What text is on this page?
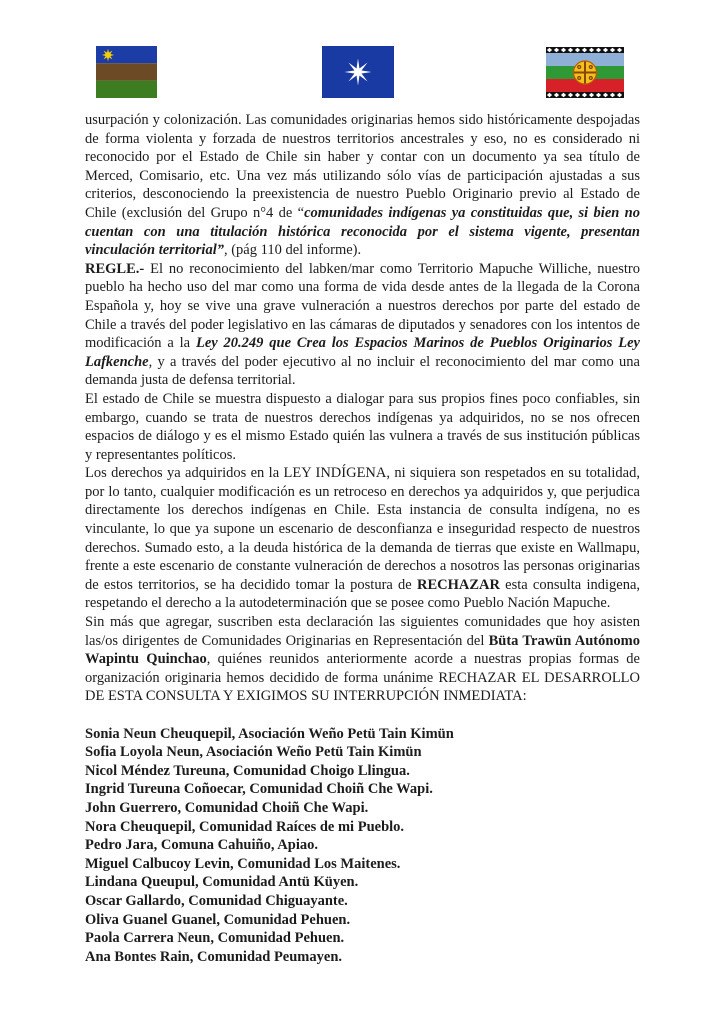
usurpación y colonización. Las comunidades originarias hemos sido históricamente despojadas de forma violenta y forzada de nuestros territorios ancestrales y eso, no es considerado ni reconocido por el Estado de Chile sin haber y contar con un documento ya sea título de Merced, Comisario, etc. Una vez más utilizando sólo vías de participación ajustadas a sus criterios, desconociendo la preexistencia de nuestro Pueblo Originario previo al Estado de Chile (exclusión del Grupo n°4 de “comunidades indígenas ya constituidas que, si bien no cuentan con una titulación histórica reconocida por el sistema vigente, presentan vinculación territorial”, (pág 110 del informe).

REGLE.- El no reconocimiento del labken/mar como Territorio Mapuche Williche, nuestro pueblo ha hecho uso del mar como una forma de vida desde antes de la llegada de la Corona Española y, hoy se vive una grave vulneración a nuestros derechos por parte del estado de Chile a través del poder legislativo en las cámaras de diputados y senadores con los intentos de modificación a la Ley 20.249 que Crea los Espacios Marinos de Pueblos Originarios Ley Lafkenche, y a través del poder ejecutivo al no incluir el reconocimiento del mar como una demanda justa de defensa territorial.

El estado de Chile se muestra dispuesto a dialogar para sus propios fines poco confiables, sin embargo, cuando se trata de nuestros derechos indígenas ya adquiridos, no se nos ofrecen espacios de diálogo y es el mismo Estado quién las vulnera a través de sus institución públicas y representantes políticos.

Los derechos ya adquiridos en la LEY INDÍGENA, ni siquiera son respetados en su totalidad, por lo tanto, cualquier modificación es un retroceso en derechos ya adquiridos y, que perjudica directamente los derechos indígenas en Chile. Esta instancia de consulta indígena, no es vinculante, lo que ya supone un escenario de desconfianza e inseguridad respecto de nuestros derechos. Sumado esto, a la deuda histórica de la demanda de tierras que existe en Wallmapu, frente a este escenario de constante vulneración de derechos a nosotros las personas originarias de estos territorios, se ha decidido tomar la postura de RECHAZAR esta consulta indigena, respetando el derecho a la autodeterminación que se posee como Pueblo Nación Mapuche.

Sin más que agregar, suscriben esta declaración las siguientes comunidades que hoy asisten las/os dirigentes de Comunidades Originarias en Representación del Büta Trawün Autónomo Wapintu Quinchao, quiénes reunidos anteriormente acorde a nuestras propias formas de organización originaria hemos decidido de forma unánime RECHAZAR EL DESARROLLO DE ESTA CONSULTA Y EXIGIMOS SU INTERRUPCIÓN INMEDIATA:

Sonia Neun Cheuquepil, Asociación Weño Petü Tain Kimün

Sofia Loyola Neun, Asociación Weño Petü Tain Kimün

Nicol Méndez Tureuna, Comunidad Choigo Llingua.

Ingrid Tureuna Coñoecar, Comunidad Choiñ Che Wapi.

John Guerrero, Comunidad Choiñ Che Wapi.

Nora Cheuquepil, Comunidad Raíces de mi Pueblo.

Pedro Jara, Comuna Cahuiño, Apiao.

Miguel Calbucoy Levin, Comunidad Los Maitenes.

Lindana Queupul, Comunidad Antü Küyen.

Oscar Gallardo, Comunidad Chiguayante.

Oliva Guanel Guanel, Comunidad Pehuen.

Paola Carrera Neun, Comunidad Pehuen.

Ana Bontes Rain, Comunidad Peumayen.
